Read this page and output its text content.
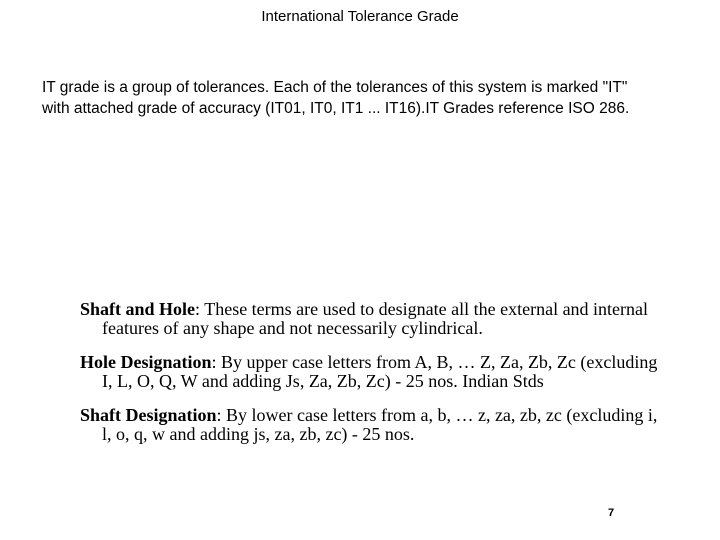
International Tolerance Grade
IT grade is a group of tolerances. Each of the tolerances of this system is marked "IT" with attached grade of accuracy (IT01, IT0, IT1 ... IT16).IT Grades reference ISO 286.

Shaft and Hole: These terms are used to designate all the external and internal features of any shape and not necessarily cylindrical.

Hole Designation: By upper case letters from A, B, … Z, Za, Zb, Zc (excluding I, L, O, Q, W and adding Js, Za, Zb, Zc) - 25 nos. Indian Stds

Shaft Designation: By lower case letters from a, b, … z, za, zb, zc (excluding i, l, o, q, w and adding js, za, zb, zc) - 25 nos.

7
